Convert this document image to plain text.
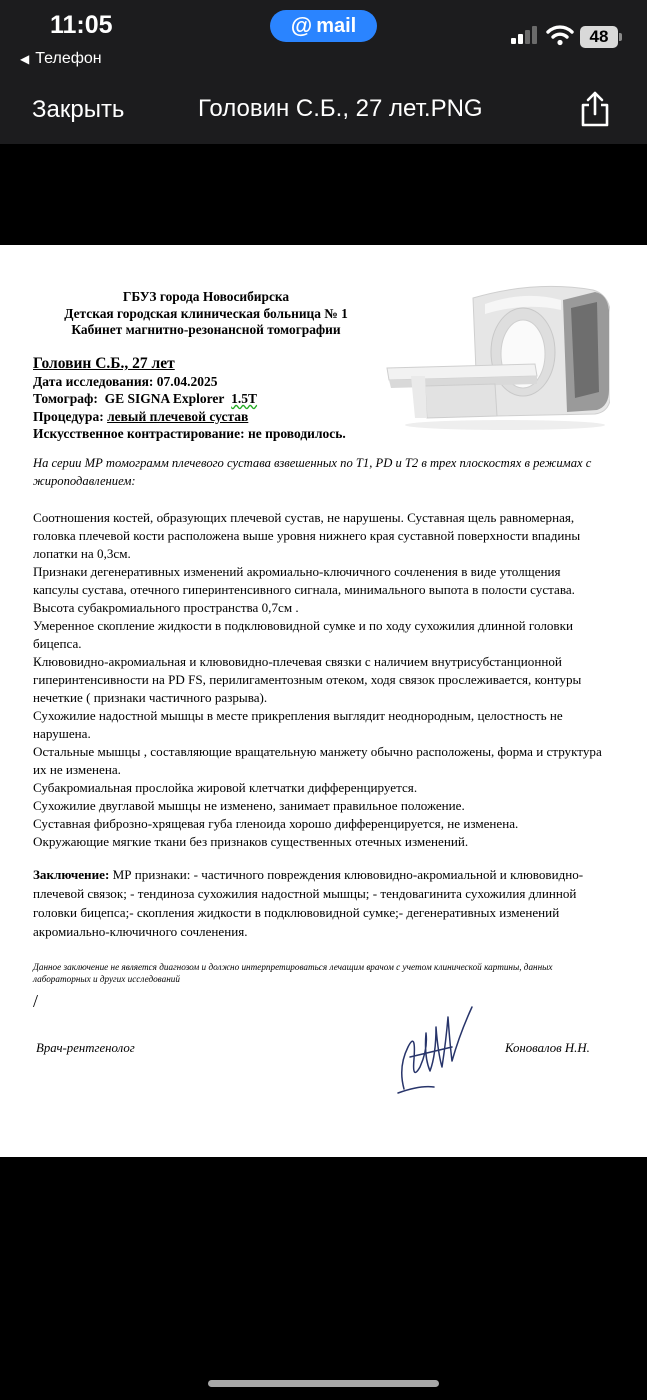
11:05
◀ Телефон
@ mail	48
Закрыть	Головин С.Б., 27 лет.PNG
ГБУЗ города Новосибирска
Детская городская клиническая больница № 1
Кабинет магнитно-резонансной томографии
Головин С.Б., 27 лет
Дата исследования: 07.04.2025
Томограф: GE SIGNA Explorer 1.5T
Процедура: левый плечевой сустав
Искусственное контрастирование: не проводилось.
На серии МР томограмм плечевого сустава взвешенных по T1, PD и T2 в трех плоскостях в режимах с жироподавлением:

Соотношения костей, образующих плечевой сустав, не нарушены. Суставная щель равномерная, головка плечевой кости расположена выше уровня нижнего края суставной поверхности впадины лопатки на 0,3см.

Признаки дегенеративных изменений акромиально-ключичного сочленения в виде утолщения капсулы сустава, отечного гиперинтенсивного сигнала, минимального выпота в полости сустава.

Высота субакромиального пространства 0,7см .

Умеренное скопление жидкости в подклювовидной сумке и по ходу сухожилия длинной головки бицепса.

Клювовидно-акромиальная и клювовидно-плечевая связки с наличием внутрисубстанционной гиперинтенсивности на PD FS, перилигаментозным отеком, ходя связок прослеживается, контуры нечеткие ( признаки частичного разрыва).

Сухожилие надостной мышцы в месте прикрепления выглядит неоднородным, целостность не нарушена.

Остальные мышцы , составляющие вращательную манжету обычно расположены, форма и структура их не изменена.

Субакромиальная прослойка жировой клетчатки дифференцируется.

Сухожилие двуглавой мышцы не изменено, занимает правильное положение.

Суставная фиброзно-хрящевая губа гленоида хорошо дифференцируется, не изменена.

Окружающие мягкие ткани без признаков существенных отечных изменений.

Заключение: МР признаки: - частичного повреждения клювовидно-акромиальной и клювовидно-плечевой связок; - тендиноза сухожилия надостной мышцы; - тендовагинита сухожилия длинной головки бицепса;- скопления жидкости в подклювовидной сумке;- дегенеративных изменений акромиально-ключичного сочленения.
Данное заключение не является диагнозом и должно интерпретироваться лечащим врачом с учетом клинической картины, данных лабораторных и других исследований
/
Врач-рентгенолог	Коновалов Н.Н.
